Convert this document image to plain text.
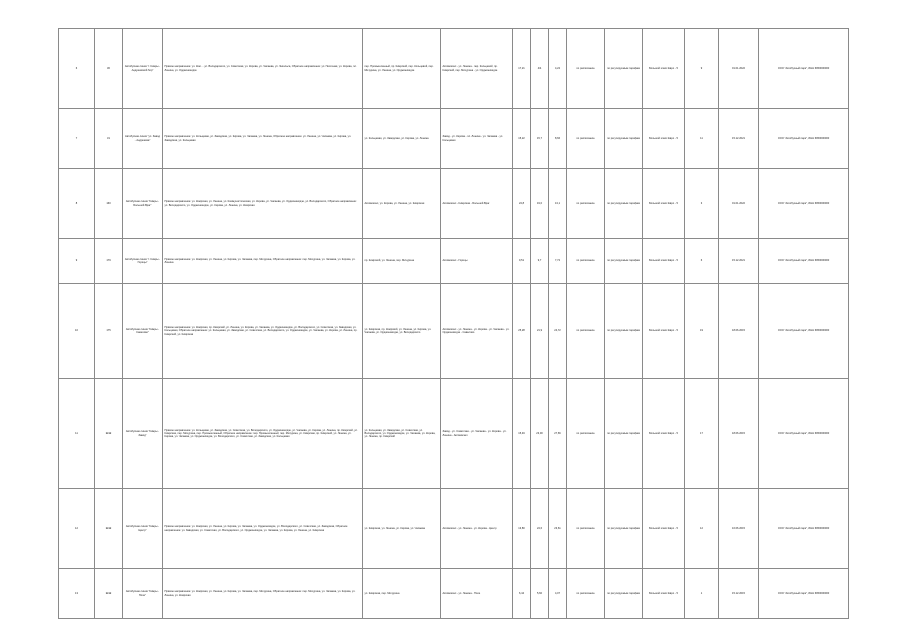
6	30	Автобусная линия "г. Кимры - Андреевский бор"	Прямое направление: ул. Ким ... ул. Володарского, ул. Советская, ул. Кирова, ул. Чапаева, ул. Энгельса, Обратное направление: ул. Песочная, ул. Кирова, пл. Ленина, ул. Орджоникидзе	пер. Промышленный, пр. Кимрский, пер. Кольцевой, пер. Мичурина, ул. Ленина, ул. Орджоникидзе	Автовокзал - ул. Ленина - пер. Кольцевой, пр. Кимрский, пер. Мичурина - ул. Орджоникидзе	17,21	4/4	4,22	по расписанию	по регулируемым тарифам	Большой класс Евро - 5	9	01.01.2022	ООО "Автобусный парк", ИНН 6950000000
7	31	Автобусная линия "ул. Завод - Андреевка"	Прямое направление: ул. Кольцевая, ул. Заводская, ул. Кирова, ул. Чапаева, ул. Ленина, Обратное направление: ул. Ленина, ул. Чапаева, ул. Кирова, ул. Заводская, ул. Кольцевая	ул. Кольцевая, ул. Заводская, ул. Кирова, ул. Ленина	Завод - ул. Кирова - пл. Ленина - ул. Чапаева - ул. Кольцевая	15,22	15,7	8,66	по расписанию	по регулируемым тарифам	Большой класс Евро - 5	11	15.12.2021	ООО "Автобусный парк", ИНН 6950000000
8	160	Автобусная линия "Кимры - Большой Враг"	Прямое направление: ул. Кимрская, ул. Ленина, ул. Коммунистическая, ул. Кирова, ул. Чапаева, ул. Орджоникидзе, ул. Володарского, Обратное направление: ул. Володарского, ул. Орджоникидзе, ул. Кирова, ул. Ленина, ул. Кимрская	Автовокзал, ул. Кирова, ул. Ленина, ул. Кимрская	Автовокзал - Кимрская - Большой Враг	24,8	19,0	13,1	по расписанию	по регулируемым тарифам	Большой класс Евро - 5	3	01.01.2022	ООО "Автобусный парк", ИНН 6950000000
9	179	Автобусная линия "г. Кимры - Горицы"	Прямое направление: ул. Кимрская, ул. Ленина, ул. Кирова, ул. Чапаева, пер. Мичурина, Обратное направление: пер. Мичурина, ул. Чапаева, ул. Кирова, ул. Ленина	пр. Кимрский, ул. Ленина, пер. Мичурина	Автовокзал - Горицы	9,51	9,7	7,72	по расписанию	по регулируемым тарифам	Большой класс Евро - 5	6	15.12.2021	ООО "Автобусный парк", ИНН 6950000000
10	175	Автобусная линия "Кимры - Савелово"	Прямое направление: ул. Кимрская, пр. Кимрский, ул. Ленина, ул. Кирова, ул. Чапаева, ул. Орджоникидзе, ул. Володарского, ул. Советская, ул. Заводская, ул. Кольцевая, Обратное направление: ул. Кольцевая, ул. Заводская, ул. Советская, ул. Володарского, ул. Орджоникидзе, ул. Чапаева, ул. Кирова, ул. Ленина, пр. Кимрский, ул. Кимрская	ул. Кимрская, пр. Кимрский, ул. Ленина, ул. Кирова, ул. Чапаева, ул. Орджоникидзе, ул. Володарского	Автовокзал - ул. Ленина - ул. Кирова - ул. Чапаева - ул. Орджоникидзе - Савелово	25,28	21,9	24,72	по расписанию	по регулируемым тарифам	Большой класс Евро - 5	19	18.06.2015	ООО "Автобусный парк", ИНН 6950000000
11	Ш/Ш	Автобусная линия "Кимры - Завод"	Прямое направление: ул. Кольцевая, ул. Заводская, ул. Советская, ул. Володарского, ул. Орджоникидзе, ул. Чапаева, ул. Кирова, ул. Ленина, пр. Кимрский, ул. Кимрская, пер. Мичурина, пер. Промышленный, Обратное направление: пер. Промышленный, пер. Мичурина, ул. Кимрская, пр. Кимрский, ул. Ленина, ул. Кирова, ул. Чапаева, ул. Орджоникидзе, ул. Володарского, ул. Советская, ул. Заводская, ул. Кольцевая	ул. Кольцевая, ул. Заводская, ул. Советская, ул. Володарского, ул. Орджоникидзе, ул. Чапаева, ул. Кирова, ул. Ленина, пр. Кимрский	Завод - ул. Советская - ул. Чапаева - ул. Кирова - ул. Ленина - Автовокзал	15,49	23,00	27,66	по расписанию	по регулируемым тарифам	Большой класс Евро - 5	17	18.06.2015	ООО "Автобусный парк", ИНН 6950000000
12	Ш/Ш	Автобусная линия "Кимры - Центр"	Прямое направление: ул. Кимрская, ул. Ленина, ул. Кирова, ул. Чапаева, ул. Орджоникидзе, ул. Володарского, ул. Советская, ул. Заводская, Обратное направление: ул. Заводская, ул. Советская, ул. Володарского, ул. Орджоникидзе, ул. Чапаева, ул. Кирова, ул. Ленина, ул. Кимрская	ул. Кимрская, ул. Ленина, ул. Кирова, ул. Чапаева	Автовокзал - ул. Ленина - ул. Кирова - Центр	13,80	24,6	23,61	по расписанию	по регулируемым тарифам	Большой класс Евро - 5	12	16.06.2015	ООО "Автобусный парк", ИНН 6950000000
13	Ш/Ш	Автобусная линия "Кимры - Поле"	Прямое направление: ул. Кимрская, ул. Ленина, ул. Кирова, ул. Чапаева, пер. Мичурина, Обратное направление: пер. Мичурина, ул. Чапаева, ул. Кирова, ул. Ленина, ул. Кимрская	ул. Кимрская, пер. Мичурина	Автовокзал - ул. Ленина - Поле	6,44	5,60	4,07	по расписанию	по регулируемым тарифам	Большой класс Евро - 5	1	15.12.2015	ООО "Автобусный парк", ИНН 6950000000
